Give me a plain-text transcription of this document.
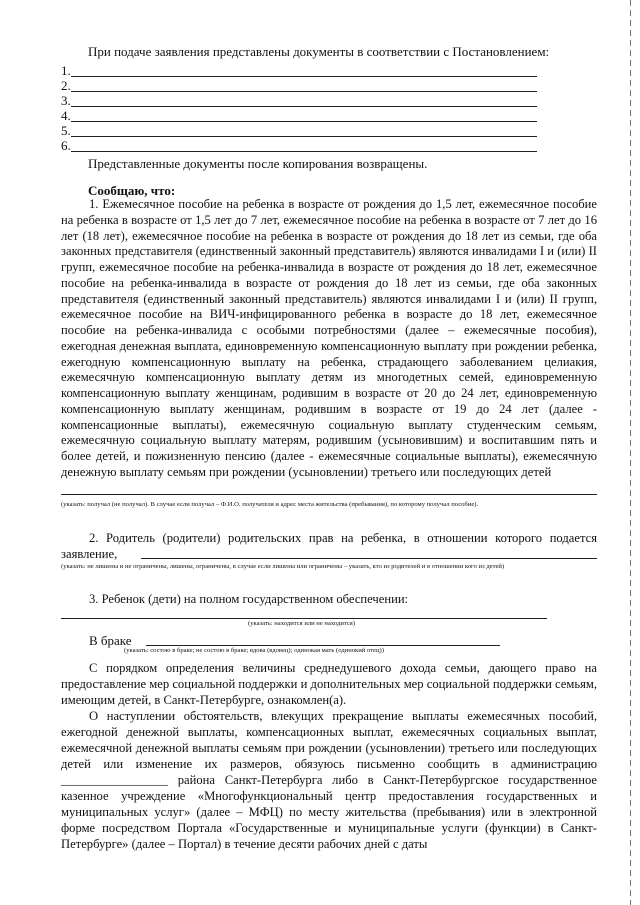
При подаче заявления представлены документы в соответствии с Постановлением:
1.
2.
3.
4.
5.
6.
Представленные документы после копирования возвращены.
Сообщаю, что:

1. Ежемесячное пособие на ребенка в возрасте от рождения до 1,5 лет, ежемесячное пособие на ребенка в возрасте от 1,5 лет до 7 лет, ежемесячное пособие на ребенка в возрасте от 7 лет до 16 лет (18 лет), ежемесячное пособие на ребенка в возрасте от рождения до 18 лет из семьи, где оба законных представителя (единственный законный представитель) являются инвалидами I и (или) II групп, ежемесячное пособие на ребенка-инвалида в возрасте от рождения до 18 лет, ежемесячное пособие на ребенка-инвалида в возрасте от рождения до 18 лет из семьи, где оба законных представителя (единственный законный представитель) являются инвалидами I и (или) II групп, ежемесячное пособие на ВИЧ-инфицированного ребенка в возрасте до 18 лет, ежемесячное пособие на ребенка-инвалида с особыми потребностями (далее – ежемесячные пособия), ежегодная денежная выплата, единовременную компенсационную выплату при рождении ребенка, ежегодную компенсационную выплату на ребенка, страдающего заболеванием целиакия, ежемесячную компенсационную выплату детям из многодетных семей, единовременную компенсационную выплату женщинам, родившим в возрасте от 20 до 24 лет, единовременную компенсационную выплату женщинам, родившим в возрасте от 19 до 24 лет (далее - компенсационные выплаты), ежемесячную социальную выплату студенческим семьям, ежемесячную социальную выплату матерям, родившим (усыновившим) и воспитавшим пять и более детей, и пожизненную пенсию (далее - ежемесячные социальные выплаты), ежемесячную денежную выплату семьям при рождении (усыновлении) третьего или последующих детей

(указать: получал (не получал). В случае если получал – Ф.И.О. получателя и адрес места жительства (пребывания), по которому получал пособие).

2. Родитель (родители) родительских прав на ребенка, в отношении которого подается заявление,

(указать: не лишены и не ограничены, лишены, ограничены, в случае если лишены или ограничены – указать, кто из родителей и в отношении кого из детей)

3. Ребенок (дети) на полном государственном обеспечении:
(указать: находится или не находится)
В браке
(указать: состою в браке; не состою в браке; вдова (вдовец); одинокая мать (одинокий отец))

С порядком определения величины среднедушевого дохода семьи, дающего право на предоставление мер социальной поддержки и дополнительных мер социальной поддержки семьям, имеющим детей, в Санкт-Петербурге, ознакомлен(а).

О наступлении обстоятельств, влекущих прекращение выплаты ежемесячных пособий, ежегодной денежной выплаты, компенсационных выплат, ежемесячных социальных выплат, ежемесячной денежной выплаты семьям при рождении (усыновлении) третьего или последующих детей или изменение их размеров, обязуюсь письменно сообщить в администрацию _________________ района Санкт-Петербурга либо в Санкт-Петербургское государственное казенное учреждение «Многофункциональный центр предоставления государственных и муниципальных услуг» (далее – МФЦ) по месту жительства (пребывания) или в электронной форме посредством Портала «Государственные и муниципальные услуги (функции) в Санкт-Петербурге» (далее – Портал) в течение десяти рабочих дней с даты
